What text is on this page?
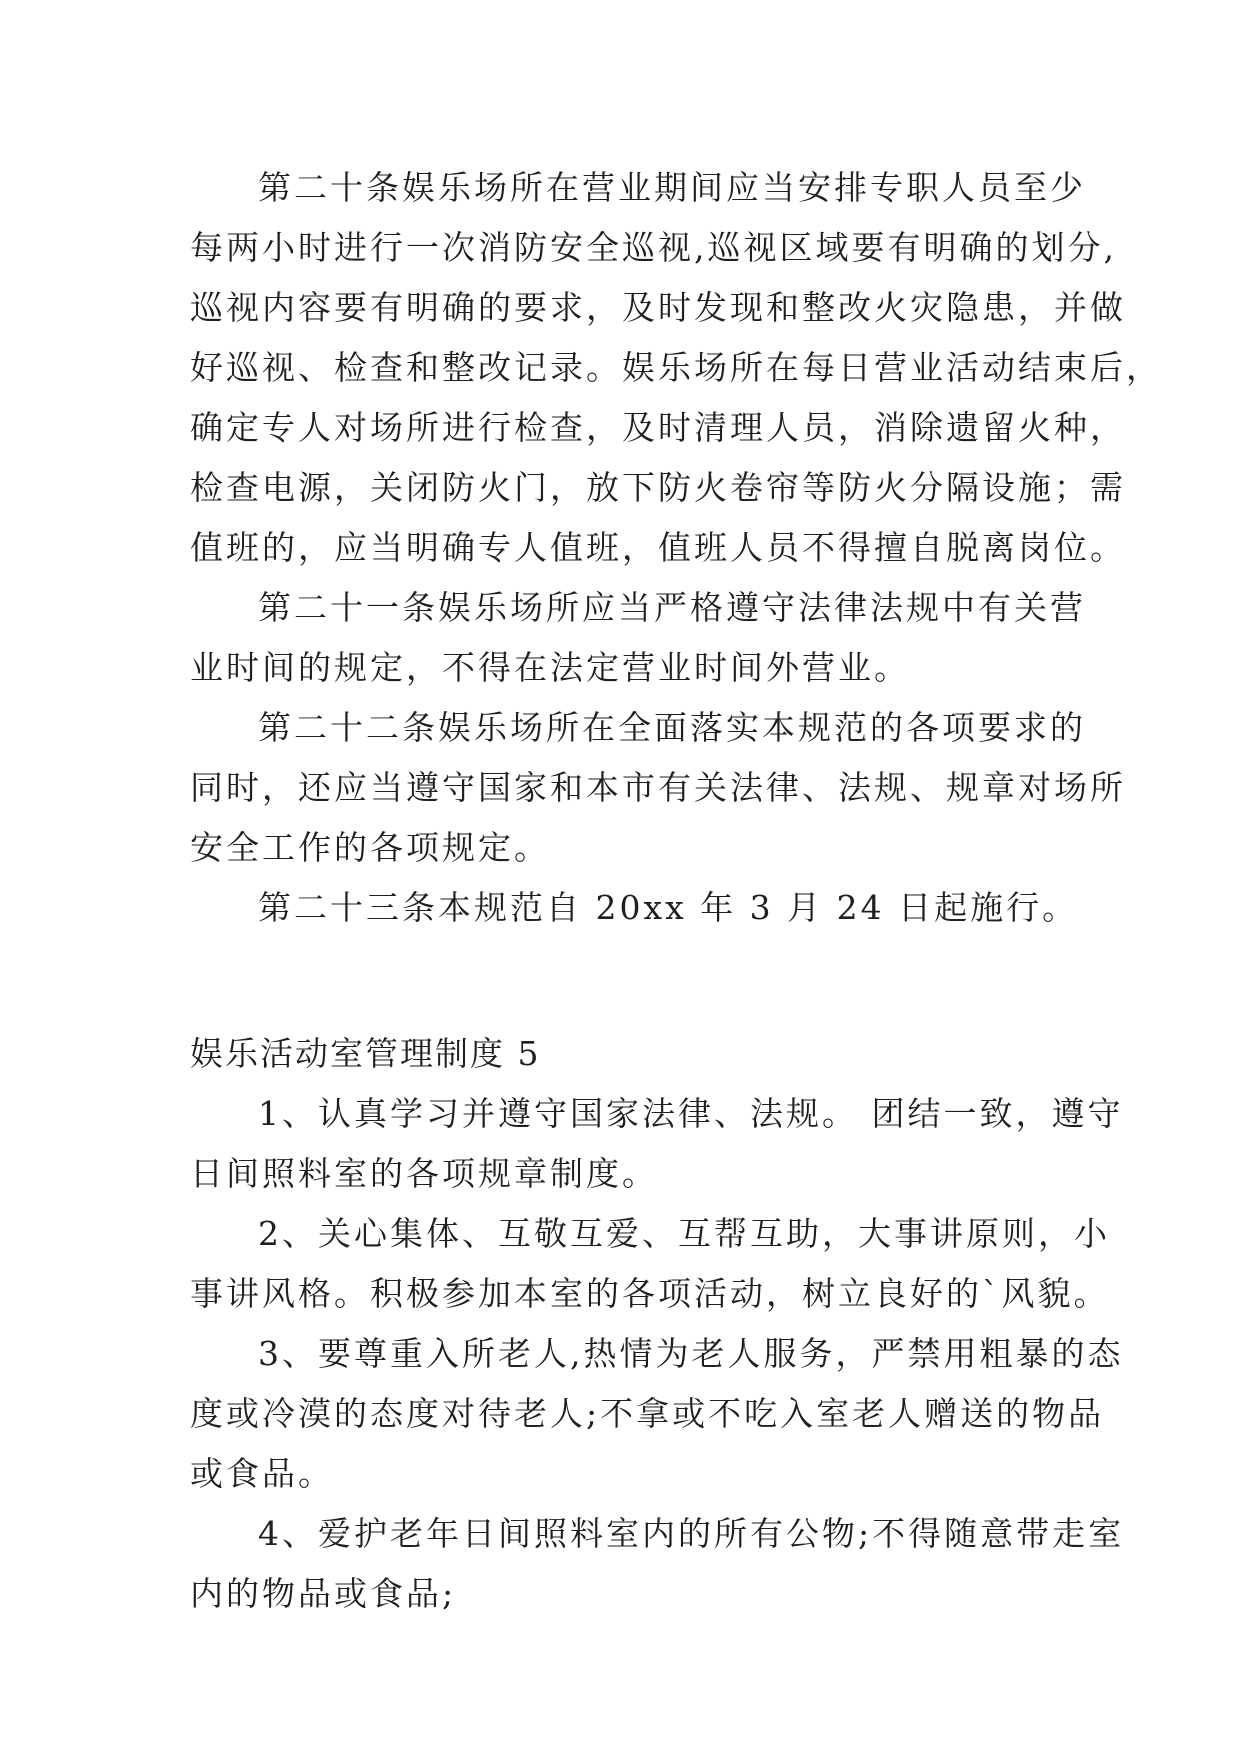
第二十条娱乐场所在营业期间应当安排专职人员至少
每两小时进行一次消防安全巡视,巡视区域要有明确的划分,
巡视内容要有明确的要求，及时发现和整改火灾隐患，并做
好巡视、检查和整改记录。娱乐场所在每日营业活动结束后，
确定专人对场所进行检查，及时清理人员，消除遗留火种，
检查电源，关闭防火门，放下防火卷帘等防火分隔设施；需
值班的，应当明确专人值班，值班人员不得擅自脱离岗位。
第二十一条娱乐场所应当严格遵守法律法规中有关营
业时间的规定，不得在法定营业时间外营业。
第二十二条娱乐场所在全面落实本规范的各项要求的
同时，还应当遵守国家和本市有关法律、法规、规章对场所
安全工作的各项规定。
第二十三条本规范自 20xx 年 3 月 24 日起施行。
娱乐活动室管理制度 5
1、认真学习并遵守国家法律、法规。 团结一致，遵守
日间照料室的各项规章制度。
2、关心集体、互敬互爱、互帮互助，大事讲原则，小
事讲风格。积极参加本室的各项活动，树立良好的`风貌。
3、要尊重入所老人,热情为老人服务，严禁用粗暴的态
度或冷漠的态度对待老人;不拿或不吃入室老人赠送的物品
或食品。
4、爱护老年日间照料室内的所有公物;不得随意带走室
内的物品或食品;
